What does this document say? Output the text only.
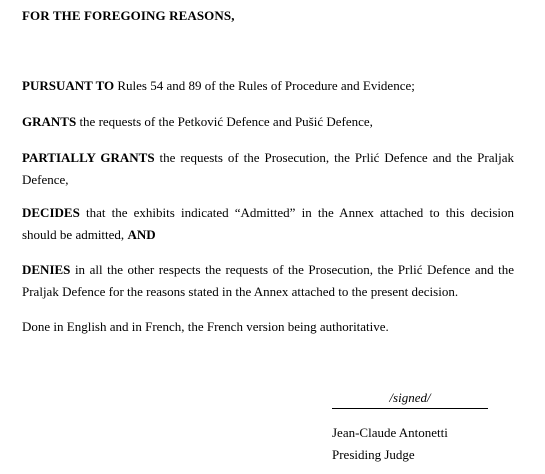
FOR THE FOREGOING REASONS,

PURSUANT TO Rules 54 and 89 of the Rules of Procedure and Evidence;

GRANTS the requests of the Petković Defence and Pušić Defence,

PARTIALLY GRANTS the requests of the Prosecution, the Prlić Defence and the Praljak Defence,

DECIDES that the exhibits indicated “Admitted” in the Annex attached to this decision should be admitted, AND

DENIES in all the other respects the requests of the Prosecution, the Prlić Defence and the Praljak Defence for the reasons stated in the Annex attached to the present decision.

Done in English and in French, the French version being authoritative.

/signed/
Jean-Claude Antonetti
Presiding Judge
